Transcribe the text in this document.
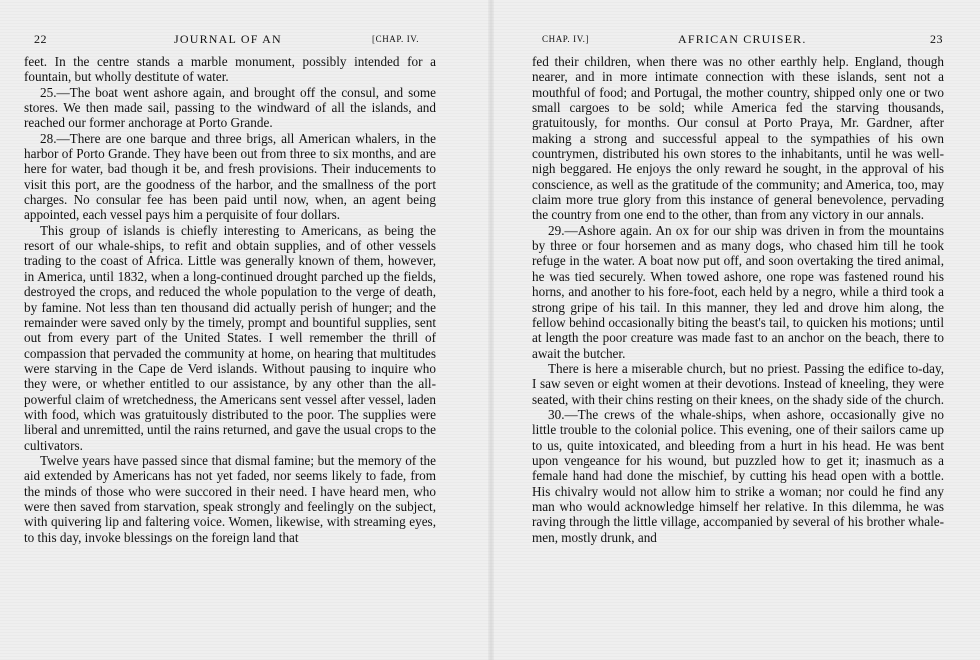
22	JOURNAL OF AN	[CHAP. IV.

feet. In the centre stands a marble monument, possibly intended for a fountain, but wholly destitute of water.

25.—The boat went ashore again, and brought off the consul, and some stores. We then made sail, passing to the windward of all the islands, and reached our former anchorage at Porto Grande.

28.—There are one barque and three brigs, all American whalers, in the harbor of Porto Grande. They have been out from three to six months, and are here for water, bad though it be, and fresh provisions. Their inducements to visit this port, are the goodness of the harbor, and the smallness of the port charges. No consular fee has been paid until now, when, an agent being appointed, each vessel pays him a perquisite of four dollars.

This group of islands is chiefly interesting to Americans, as being the resort of our whale-ships, to refit and obtain supplies, and of other vessels trading to the coast of Africa. Little was generally known of them, however, in America, until 1832, when a long-continued drought parched up the fields, destroyed the crops, and reduced the whole population to the verge of death, by famine. Not less than ten thousand did actually perish of hunger; and the remainder were saved only by the timely, prompt and bountiful supplies, sent out from every part of the United States. I well remember the thrill of compassion that pervaded the community at home, on hearing that multitudes were starving in the Cape de Verd islands. Without pausing to inquire who they were, or whether entitled to our assistance, by any other than the all-powerful claim of wretchedness, the Americans sent vessel after vessel, laden with food, which was gratuitously distributed to the poor. The supplies were liberal and unremitted, until the rains returned, and gave the usual crops to the cultivators.

Twelve years have passed since that dismal famine; but the memory of the aid extended by Americans has not yet faded, nor seems likely to fade, from the minds of those who were succored in their need. I have heard men, who were then saved from starvation, speak strongly and feelingly on the subject, with quivering lip and faltering voice. Women, likewise, with streaming eyes, to this day, invoke blessings on the foreign land that

CHAP. IV.]	AFRICAN CRUISER.	23

fed their children, when there was no other earthly help. England, though nearer, and in more intimate connection with these islands, sent not a mouthful of food; and Portugal, the mother country, shipped only one or two small cargoes to be sold; while America fed the starving thousands, gratuitously, for months. Our consul at Porto Praya, Mr. Gardner, after making a strong and successful appeal to the sympathies of his own countrymen, distributed his own stores to the inhabitants, until he was well-nigh beggared. He enjoys the only reward he sought, in the approval of his conscience, as well as the gratitude of the community; and America, too, may claim more true glory from this instance of general benevolence, pervading the country from one end to the other, than from any victory in our annals.

29.—Ashore again. An ox for our ship was driven in from the mountains by three or four horsemen and as many dogs, who chased him till he took refuge in the water. A boat now put off, and soon overtaking the tired animal, he was tied securely. When towed ashore, one rope was fastened round his horns, and another to his fore-foot, each held by a negro, while a third took a strong gripe of his tail. In this manner, they led and drove him along, the fellow behind occasionally biting the beast's tail, to quicken his motions; until at length the poor creature was made fast to an anchor on the beach, there to await the butcher.

There is here a miserable church, but no priest. Passing the edifice to-day, I saw seven or eight women at their devotions. Instead of kneeling, they were seated, with their chins resting on their knees, on the shady side of the church.

30.—The crews of the whale-ships, when ashore, occasionally give no little trouble to the colonial police. This evening, one of their sailors came up to us, quite intoxicated, and bleeding from a hurt in his head. He was bent upon vengeance for his wound, but puzzled how to get it; inasmuch as a female hand had done the mischief, by cutting his head open with a bottle. His chivalry would not allow him to strike a woman; nor could he find any man who would acknowledge himself her relative. In this dilemma, he was raving through the little village, accompanied by several of his brother whale-men, mostly drunk, and
